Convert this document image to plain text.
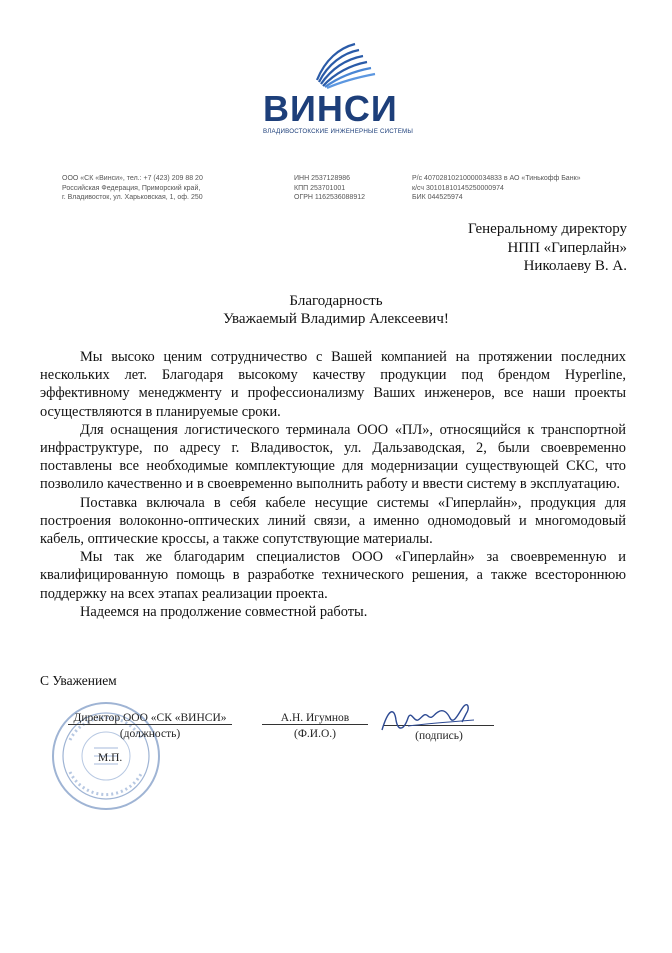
ВИНСИ
ВЛАДИВОСТОКСКИЕ ИНЖЕНЕРНЫЕ СИСТЕМЫ
ООО «СК «Винси», тел.: +7 (423) 209 88 20
Российская Федерация, Приморский край,
г. Владивосток, ул. Харьковская, 1, оф. 250
ИНН 2537128986
КПП 253701001
ОГРН 1162536088912
Р/с 40702810210000034833 в АО «Тинькофф Банк»
к/сч 30101810145250000974
БИК 044525974
Генеральному директору
НПП «Гиперлайн»
Николаеву В. А.
Благодарность
Уважаемый Владимир Алексеевич!

Мы высоко ценим сотрудничество с Вашей компанией на протяжении последних нескольких лет. Благодаря высокому качеству продукции под брендом Hyperline, эффективному менеджменту и профессионализму Ваших инженеров, все наши проекты осуществляются в планируемые сроки.

Для оснащения логистического терминала ООО «ПЛ», относящийся к транспортной инфраструктуре, по адресу г. Владивосток, ул. Дальзаводская, 2, были своевременно поставлены все необходимые комплектующие для модернизации существующей СКС, что позволило качественно и в своевременно выполнить работу и ввести систему в эксплуатацию.

Поставка включала в себя кабеле несущие системы «Гиперлайн», продукция для построения волоконно-оптических линий связи, а именно одномодовый и многомодовый кабель, оптические кроссы, а также сопутствующие материалы.

Мы так же благодарим специалистов ООО «Гиперлайн» за своевременную и квалифицированную помощь в разработке технического решения, а также всестороннюю поддержку на всех этапах реализации проекта.

Надеемся на продолжение совместной работы.

С Уважением
Директор ООО «СК «ВИНСИ»
(должность)
М.П.
А.Н. Игумнов
(Ф.И.О.)	(подпись)
